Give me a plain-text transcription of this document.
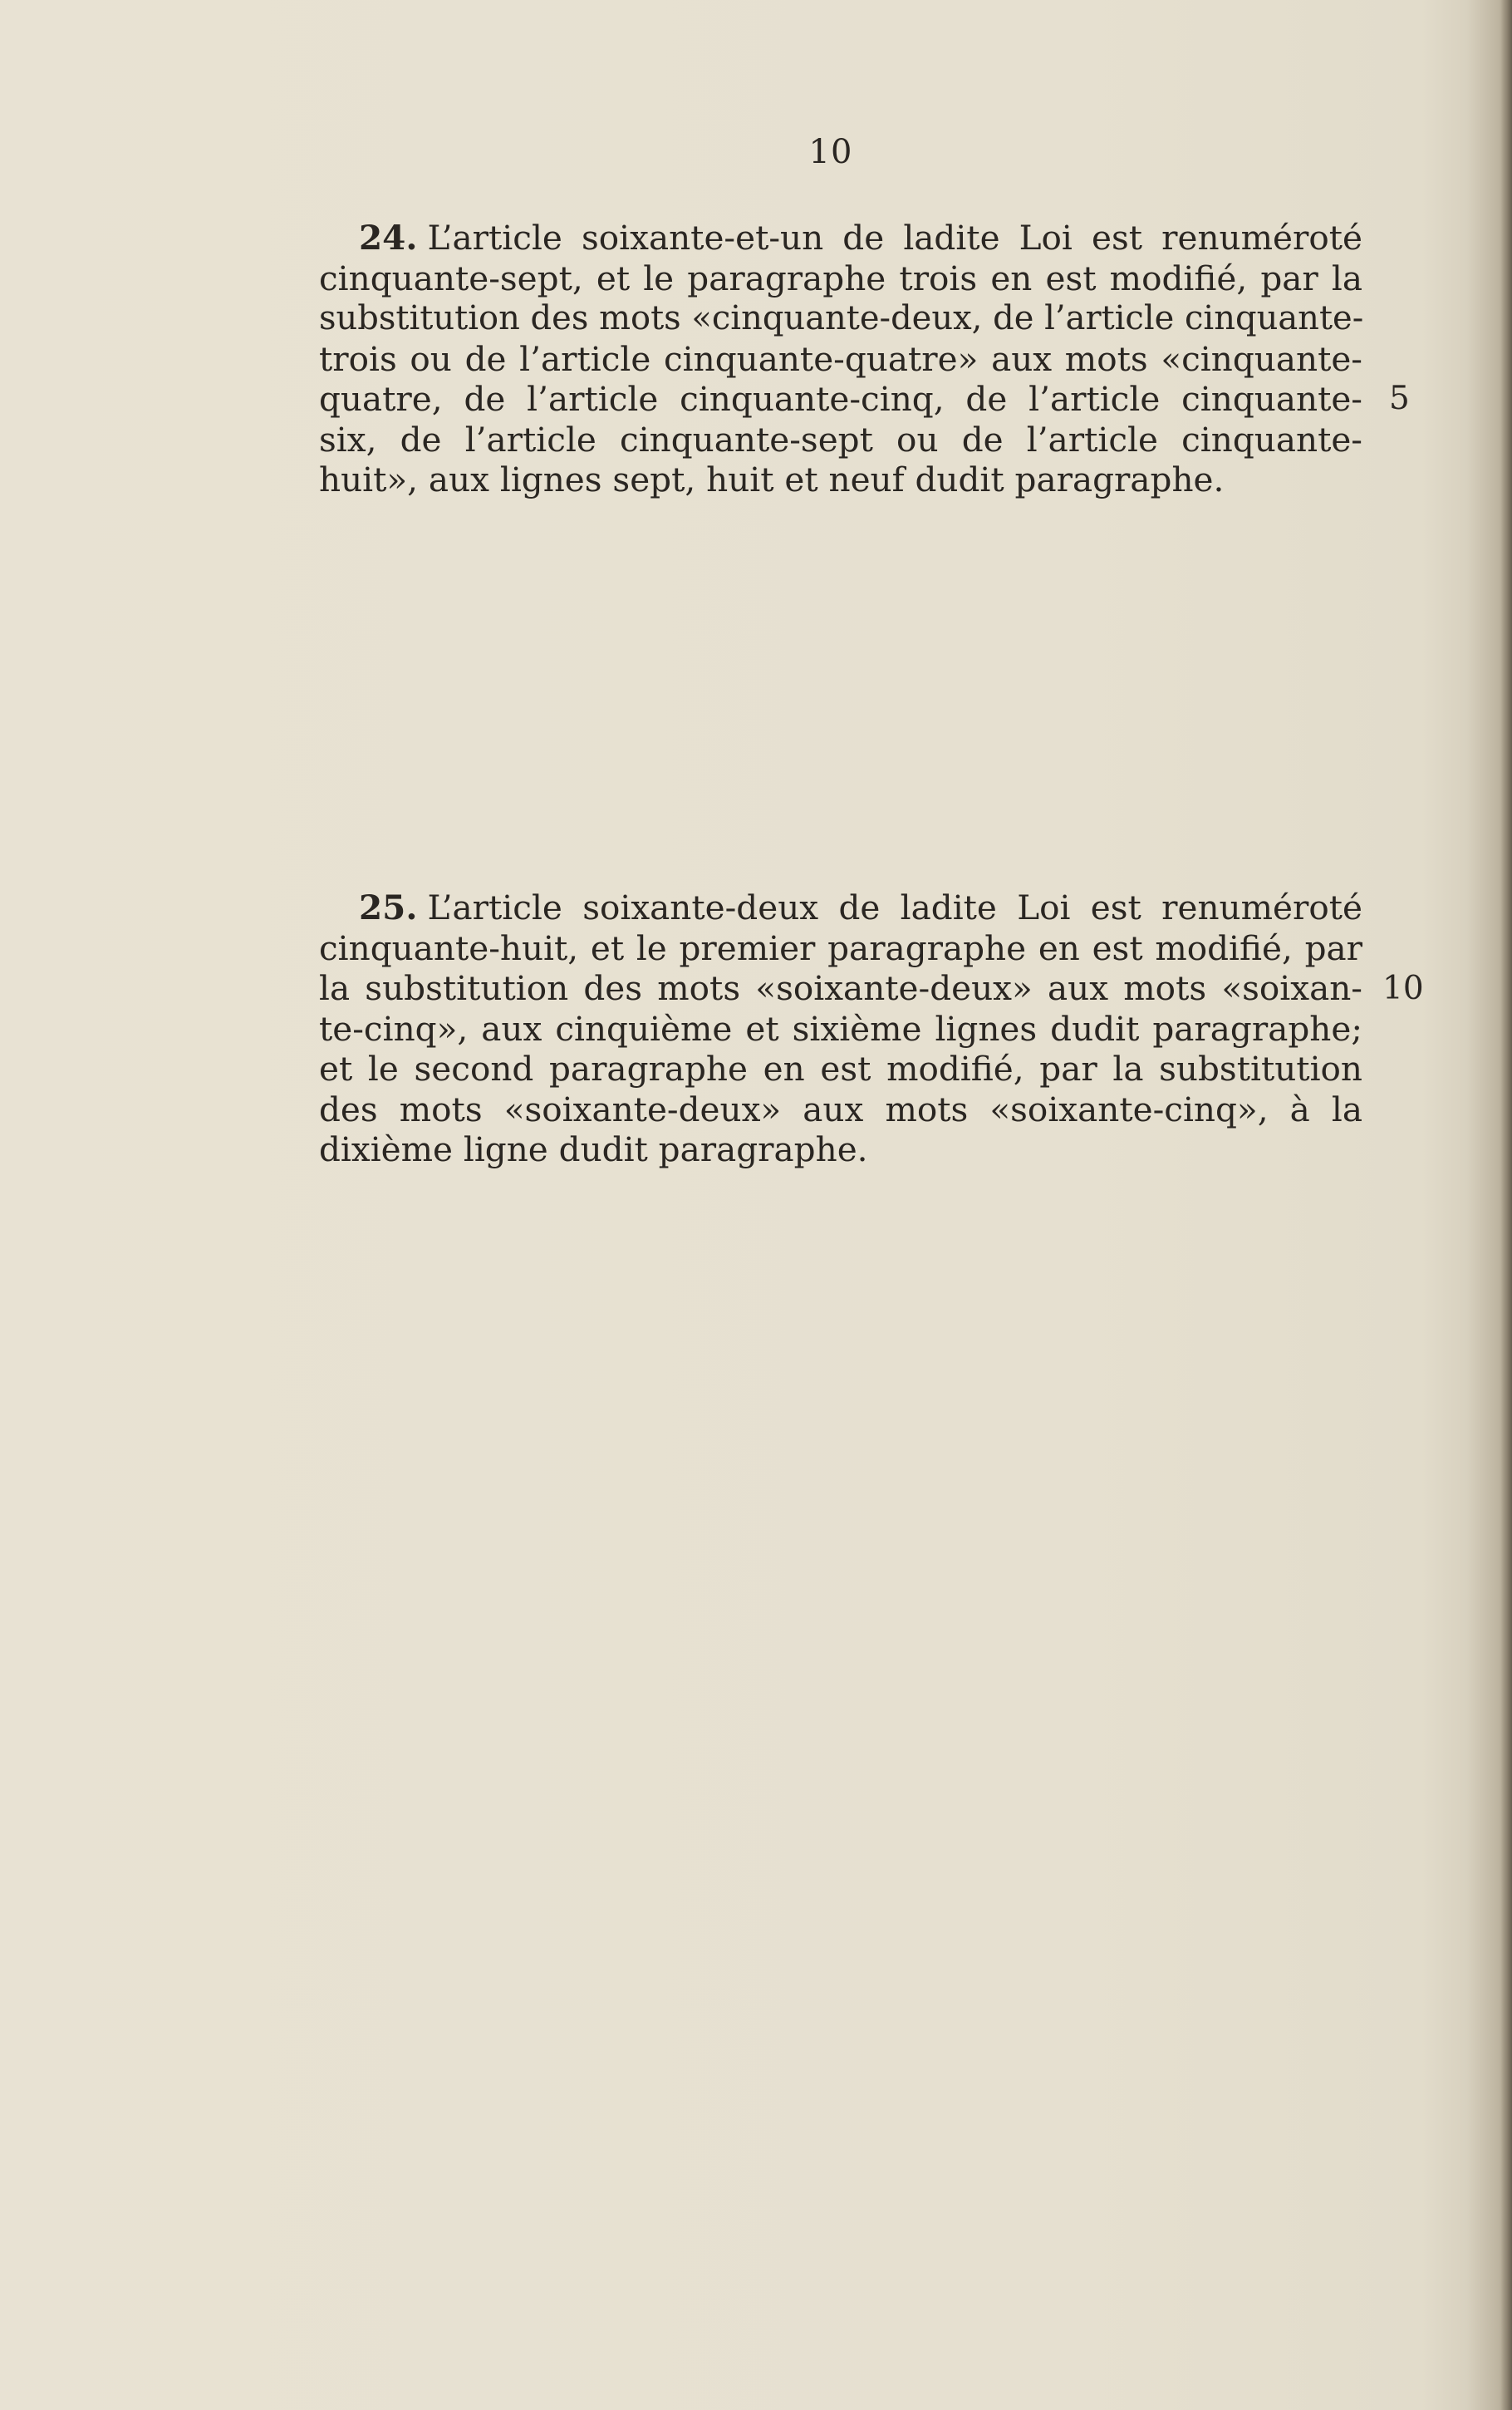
10
24. L’article soixante-et-un de ladite Loi est renuméroté
cinquante-sept, et le paragraphe trois en est modifié, par la
substitution des mots «cinquante-deux, de l’article cinquante-
trois ou de l’article cinquante-quatre» aux mots «cinquante-
quatre, de l’article cinquante-cinq, de l’article cinquante-
six, de l’article cinquante-sept ou de l’article cinquante-
huit», aux lignes sept, huit et neuf dudit paragraphe.
5
25. L’article soixante-deux de ladite Loi est renuméroté
cinquante-huit, et le premier paragraphe en est modifié, par
la substitution des mots «soixante-deux» aux mots «soixan-
te-cinq», aux cinquième et sixième lignes dudit paragraphe;
et le second paragraphe en est modifié, par la substitution
des mots «soixante-deux» aux mots «soixante-cinq», à la
dixième ligne dudit paragraphe.
10
